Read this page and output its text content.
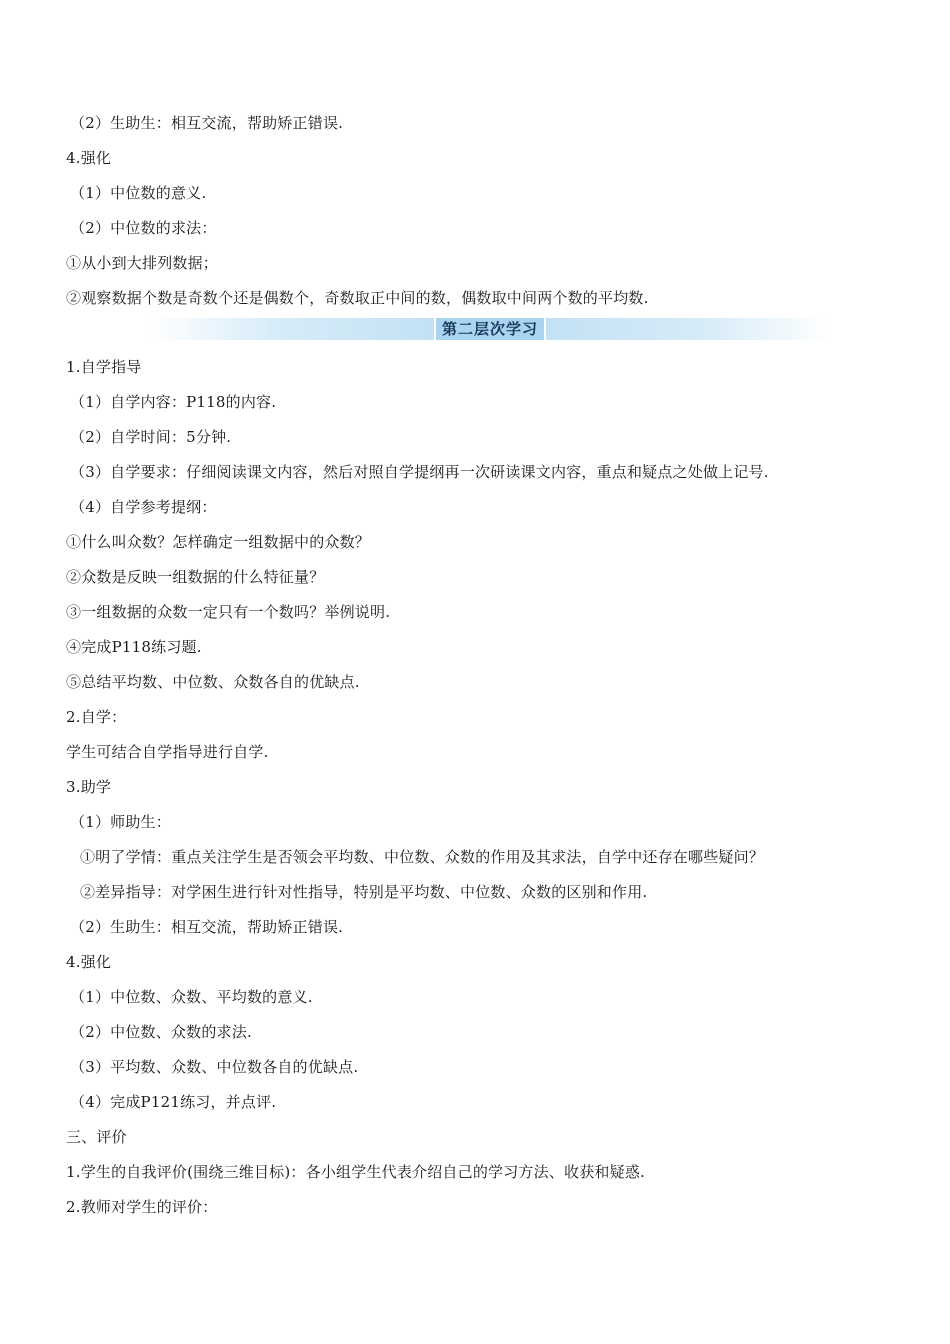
（2）生助生：相互交流，帮助矫正错误.
4.强化
（1）中位数的意义.
（2）中位数的求法：
①从小到大排列数据；
②观察数据个数是奇数个还是偶数个，奇数取正中间的数，偶数取中间两个数的平均数.
第二层次学习
1.自学指导
（1）自学内容：P118的内容.
（2）自学时间：5分钟.
（3）自学要求：仔细阅读课文内容，然后对照自学提纲再一次研读课文内容，重点和疑点之处做上记号.
（4）自学参考提纲：
①什么叫众数？怎样确定一组数据中的众数？
②众数是反映一组数据的什么特征量？
③一组数据的众数一定只有一个数吗？举例说明.
④完成P118练习题.
⑤总结平均数、中位数、众数各自的优缺点.
2.自学：
学生可结合自学指导进行自学.
3.助学
（1）师助生：
①明了学情：重点关注学生是否领会平均数、中位数、众数的作用及其求法，自学中还存在哪些疑问？
②差异指导：对学困生进行针对性指导，特别是平均数、中位数、众数的区别和作用.
（2）生助生：相互交流，帮助矫正错误.
4.强化
（1）中位数、众数、平均数的意义.
（2）中位数、众数的求法.
（3）平均数、众数、中位数各自的优缺点.
（4）完成P121练习，并点评.
三、评价
1.学生的自我评价(围绕三维目标)：各小组学生代表介绍自己的学习方法、收获和疑惑.
2.教师对学生的评价：
